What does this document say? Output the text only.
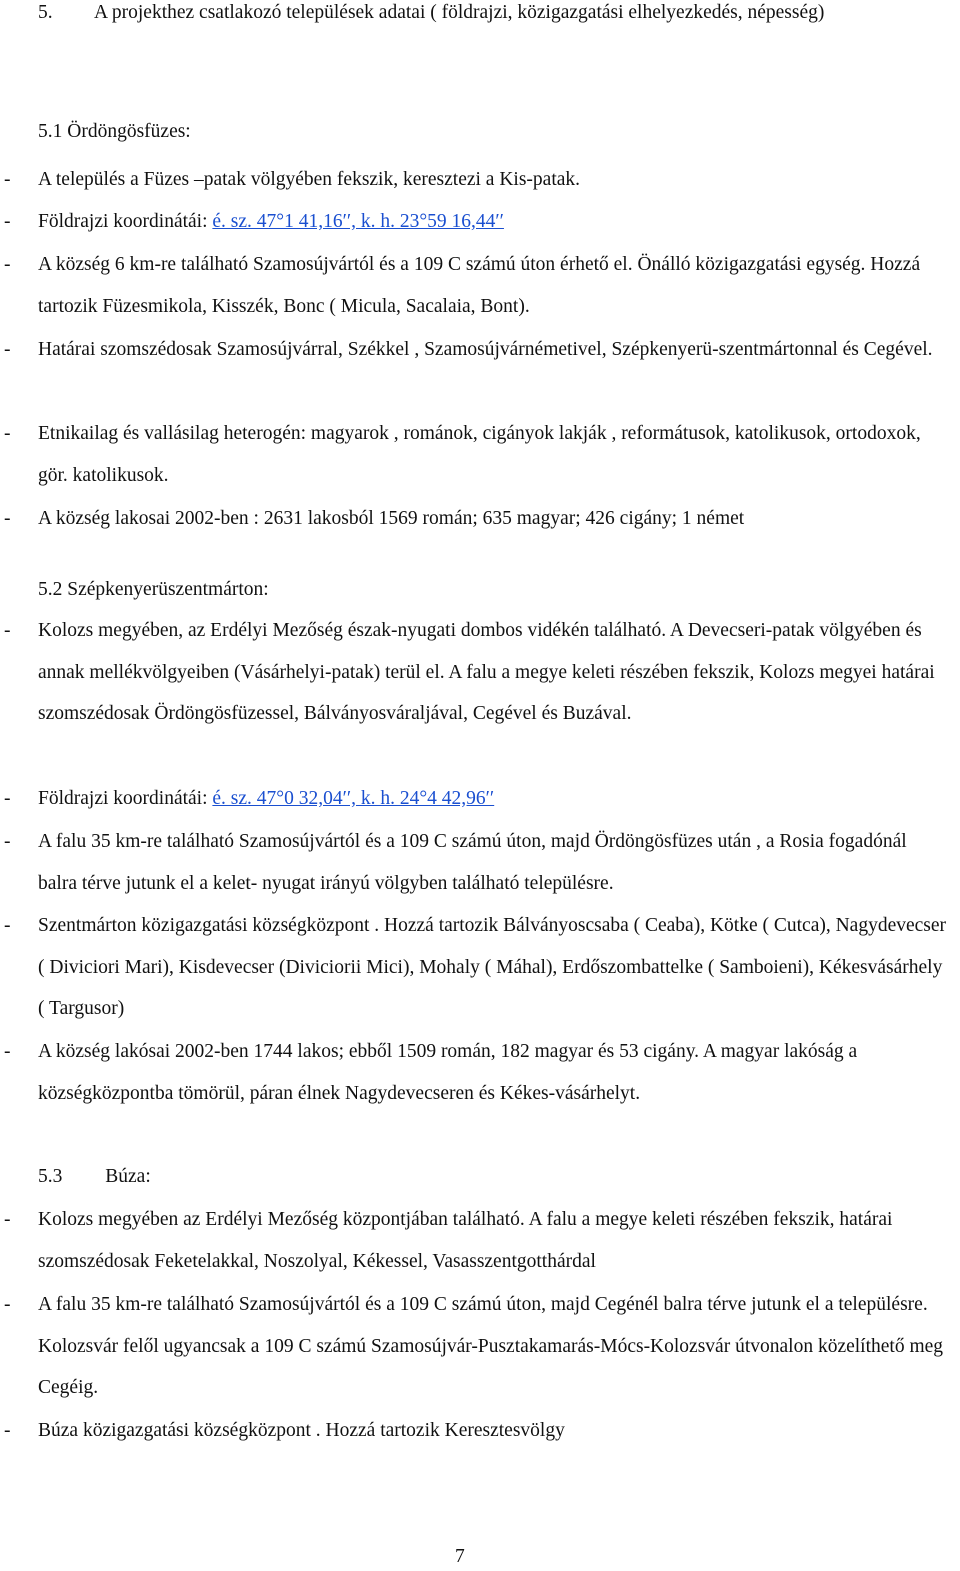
5. A projekthez csatlakozó települések adatai ( földrajzi, közigazgatási elhelyezkedés, népesség)
5.1 Ördöngösfüzes:
- A település a Füzes –patak völgyében fekszik, keresztezi a Kis-patak.
- Földrajzi koordinátái: é. sz. 47°1 41,16′′, k. h. 23°59 16,44′′
- A község 6 km-re található Szamosújvártól és a 109 C számú úton érhető el. Önálló közigazgatási egység. Hozzá tartozik Füzesmikola, Kisszék, Bonc ( Micula, Sacalaia, Bont).
- Határai szomszédosak Szamosújvárral, Székkel , Szamosújvárnémetivel, Szépkenyerü-szentmártonnal és Cegével.
- Etnikailag és vallásilag heterogén: magyarok , románok, cigányok lakják , reformátusok, katolikusok, ortodoxok, gör. katolikusok.
- A község lakosai 2002-ben : 2631 lakosból 1569 román; 635 magyar; 426 cigány; 1 német
5.2 Szépkenyerüszentmárton:
- Kolozs megyében, az Erdélyi Mezőség észak-nyugati dombos vidékén található. A Devecseri-patak völgyében és annak mellékvölgyeiben (Vásárhelyi-patak) terül el. A falu a megye keleti részében fekszik, Kolozs megyei határai szomszédosak Ördöngösfüzessel, Bálványosváraljával, Cegével és Buzával.
- Földrajzi koordinátái: é. sz. 47°0 32,04′′, k. h. 24°4 42,96′′
- A falu 35 km-re található Szamosújvártól és a 109 C számú úton, majd Ördöngösfüzes után , a Rosia fogadónál balra térve jutunk el a kelet- nyugat irányú völgyben található településre.
- Szentmárton közigazgatási községközpont . Hozzá tartozik Bálványoscsaba ( Ceaba), Kötke ( Cutca), Nagydevecser ( Diviciori Mari), Kisdevecser (Diviciorii Mici), Mohaly ( Máhal), Erdőszombattelke ( Samboieni), Kékesvásárhely ( Targusor)
- A község lakósai 2002-ben 1744 lakos; ebből 1509 román, 182 magyar és 53 cigány. A magyar lakóság a községközpontba tömörül, páran élnek Nagydevecseren és Kékes-vásárhelyt.
5.3 Búza:
- Kolozs megyében az Erdélyi Mezőség központjában található. A falu a megye keleti részében fekszik, határai szomszédosak Feketelakkal, Noszolyal, Kékessel, Vasasszentgotthárdal
- A falu 35 km-re található Szamosújvártól és a 109 C számú úton, majd Cegénél balra térve jutunk el a településre. Kolozsvár felől ugyancsak a 109 C számú Szamosújvár-Pusztakamarás-Mócs-Kolozsvár útvonalon közelíthető meg Cegéig.
- Búza közigazgatási községközpont . Hozzá tartozik Keresztesvölgy
7
